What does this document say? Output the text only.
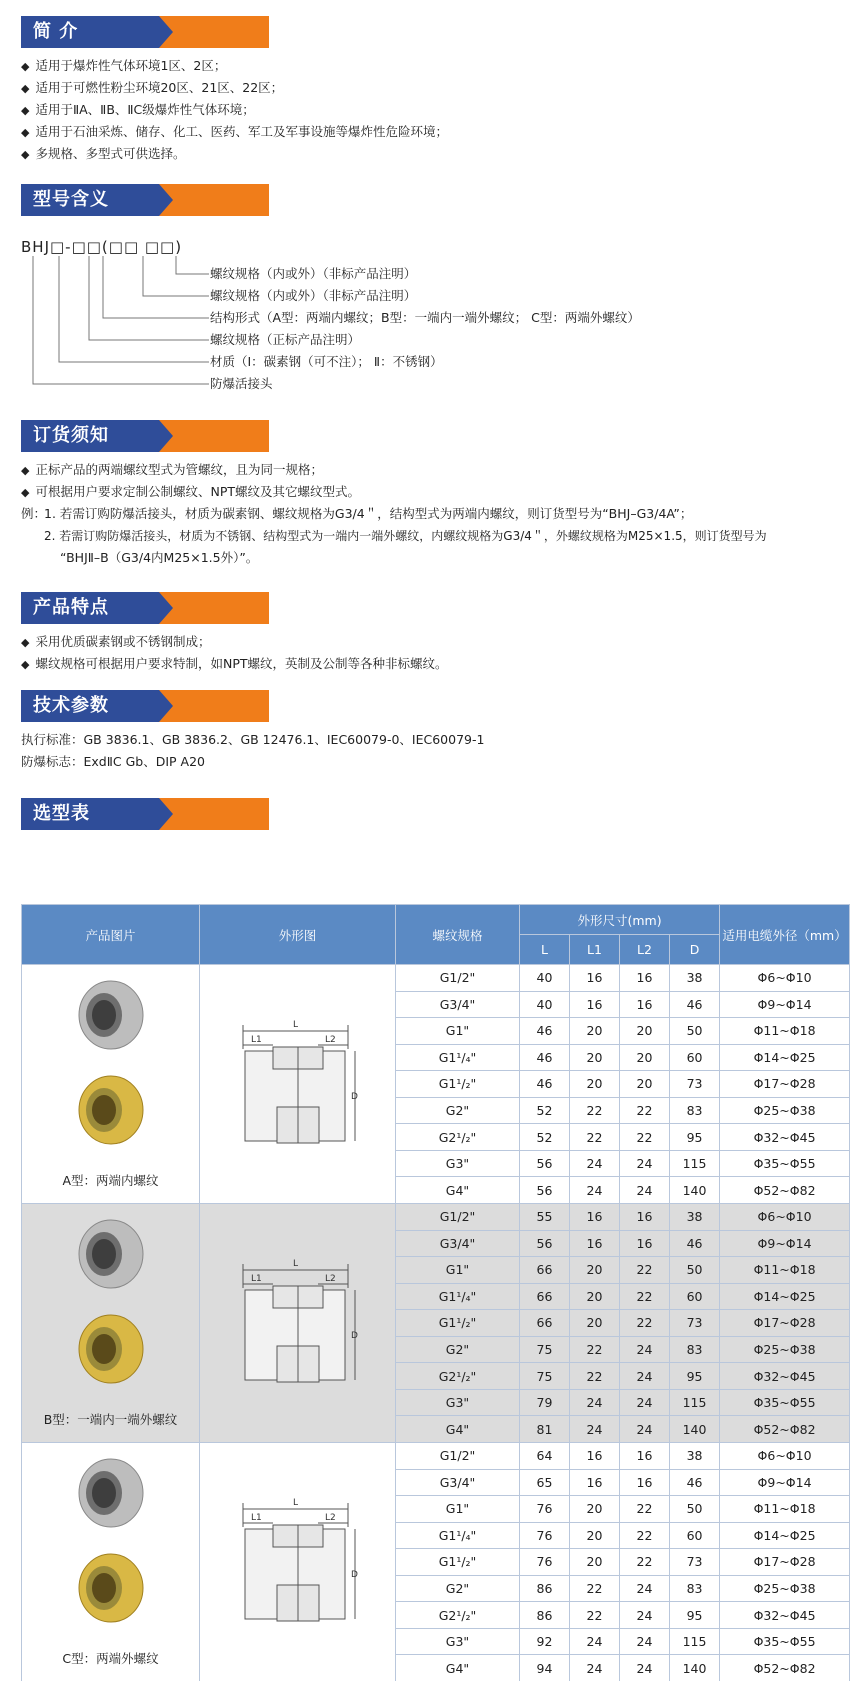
简 介
◆ 适用于爆炸性气体环境1区、2区；
◆ 适用于可燃性粉尘环境20区、21区、22区；
◆ 适用于ⅡA、ⅡB、ⅡC级爆炸性气体环境；
◆ 适用于石油采炼、储存、化工、医药、军工及军事设施等爆炸性危险环境；
◆ 多规格、多型式可供选择。
型号含义
BHJ□-□□(□□ □□)
螺纹规格（内或外）（非标产品注明）
螺纹规格（内或外）（非标产品注明）
结构形式（A型：两端内螺纹；B型：一端内一端外螺纹； C型：两端外螺纹）
螺纹规格（正标产品注明）
材质（Ⅰ：碳素钢（可不注）； Ⅱ：不锈钢）
防爆活接头
订货须知
◆ 正标产品的两端螺纹型式为管螺纹，且为同一规格；
◆ 可根据用户要求定制公制螺纹、NPT螺纹及其它螺纹型式。
例：
1. 若需订购防爆活接头，材质为碳素钢、螺纹规格为G3/4＂，结构型式为两端内螺纹，则订货型号为“BHJ–G3/4A”；
2. 若需订购防爆活接头，材质为不锈钢、结构型式为一端内一端外螺纹，内螺纹规格为G3/4＂，外螺纹规格为M25×1.5，则订货型号为
“BHJⅡ–B（G3/4内M25×1.5外）”。
产品特点
◆ 采用优质碳素钢或不锈钢制成；
◆ 螺纹规格可根据用户要求特制，如NPT螺纹，英制及公制等各种非标螺纹。
技术参数
执行标准：GB 3836.1、GB 3836.2、GB 12476.1、IEC60079-0、IEC60079-1
防爆标志：ExdⅡC Gb、DIP A20
选型表
产品图片	外形图	螺纹规格	外形尺寸(mm)				适用电缆外径（mm）
			L	L1	L2	D	

A型：两端内螺纹	L
L1 L2
D	G1/2"	40	16	16	38	Φ6~Φ10
		G3/4"	40	16	16	46	Φ9~Φ14
		G1"	46	20	20	50	Φ11~Φ18
		G1¹/₄"	46	20	20	60	Φ14~Φ25
		G1¹/₂"	46	20	20	73	Φ17~Φ28
		G2"	52	22	22	83	Φ25~Φ38
		G2¹/₂"	52	22	22	95	Φ32~Φ45
		G3"	56	24	24	115	Φ35~Φ55
		G4"	56	24	24	140	Φ52~Φ82

B型：一端内一端外螺纹	L
L1 L2
D	G1/2"	55	16	16	38	Φ6~Φ10
		G3/4"	56	16	16	46	Φ9~Φ14
		G1"	66	20	22	50	Φ11~Φ18
		G1¹/₄"	66	20	22	60	Φ14~Φ25
		G1¹/₂"	66	20	22	73	Φ17~Φ28
		G2"	75	22	24	83	Φ25~Φ38
		G2¹/₂"	75	22	24	95	Φ32~Φ45
		G3"	79	24	24	115	Φ35~Φ55
		G4"	81	24	24	140	Φ52~Φ82

C型：两端外螺纹	L
L1 L2
D	G1/2"	64	16	16	38	Φ6~Φ10
		G3/4"	65	16	16	46	Φ9~Φ14
		G1"	76	20	22	50	Φ11~Φ18
		G1¹/₄"	76	20	22	60	Φ14~Φ25
		G1¹/₂"	76	20	22	73	Φ17~Φ28
		G2"	86	22	24	83	Φ25~Φ38
		G2¹/₂"	86	22	24	95	Φ32~Φ45
		G3"	92	24	24	115	Φ35~Φ55
		G4"	94	24	24	140	Φ52~Φ82
